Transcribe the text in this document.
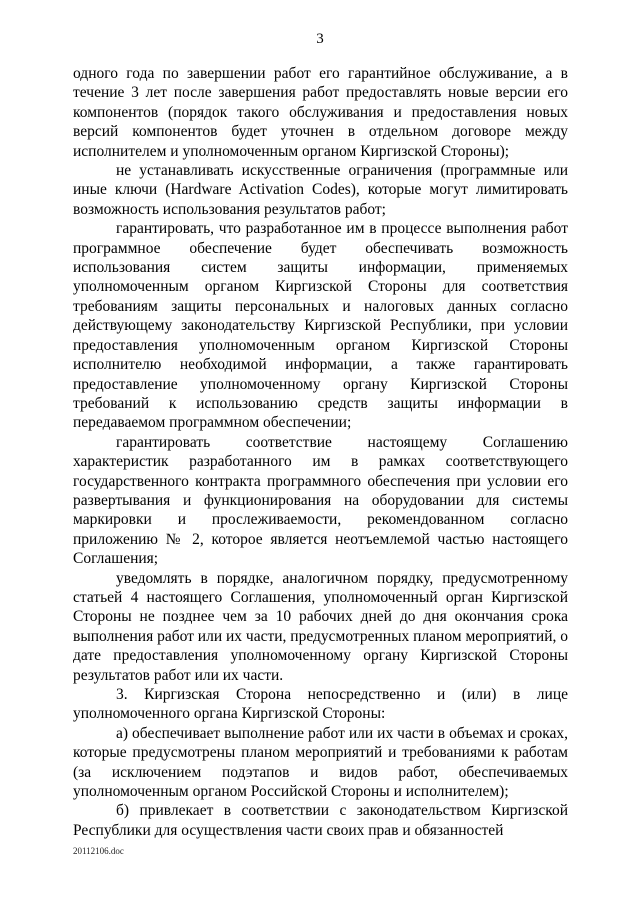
3

одного года по завершении работ его гарантийное обслуживание, а в течение 3 лет после завершения работ предоставлять новые версии его компонентов (порядок такого обслуживания и предоставления новых версий компонентов будет уточнен в отдельном договоре между исполнителем и уполномоченным органом Киргизской Стороны);

не устанавливать искусственные ограничения (программные или иные ключи (Hardware Activation Codes), которые могут лимитировать возможность использования результатов работ;

гарантировать, что разработанное им в процессе выполнения работ программное обеспечение будет обеспечивать возможность использования систем защиты информации, применяемых уполномоченным органом Киргизской Стороны для соответствия требованиям защиты персональных и налоговых данных согласно действующему законодательству Киргизской Республики, при условии предоставления уполномоченным органом Киргизской Стороны исполнителю необходимой информации, а также гарантировать предоставление уполномоченному органу Киргизской Стороны требований к использованию средств защиты информации в передаваемом программном обеспечении;

гарантировать соответствие настоящему Соглашению характеристик разработанного им в рамках соответствующего государственного контракта программного обеспечения при условии его развертывания и функционирования на оборудовании для системы маркировки и прослеживаемости, рекомендованном согласно приложению № 2, которое является неотъемлемой частью настоящего Соглашения;

уведомлять в порядке, аналогичном порядку, предусмотренному статьей 4 настоящего Соглашения, уполномоченный орган Киргизской Стороны не позднее чем за 10 рабочих дней до дня окончания срока выполнения работ или их части, предусмотренных планом мероприятий, о дате предоставления уполномоченному органу Киргизской Стороны результатов работ или их части.

3. Киргизская Сторона непосредственно и (или) в лице уполномоченного органа Киргизской Стороны:

а) обеспечивает выполнение работ или их части в объемах и сроках, которые предусмотрены планом мероприятий и требованиями к работам (за исключением подэтапов и видов работ, обеспечиваемых уполномоченным органом Российской Стороны и исполнителем);

б) привлекает в соответствии с законодательством Киргизской Республики для осуществления части своих прав и обязанностей

20112106.doc
